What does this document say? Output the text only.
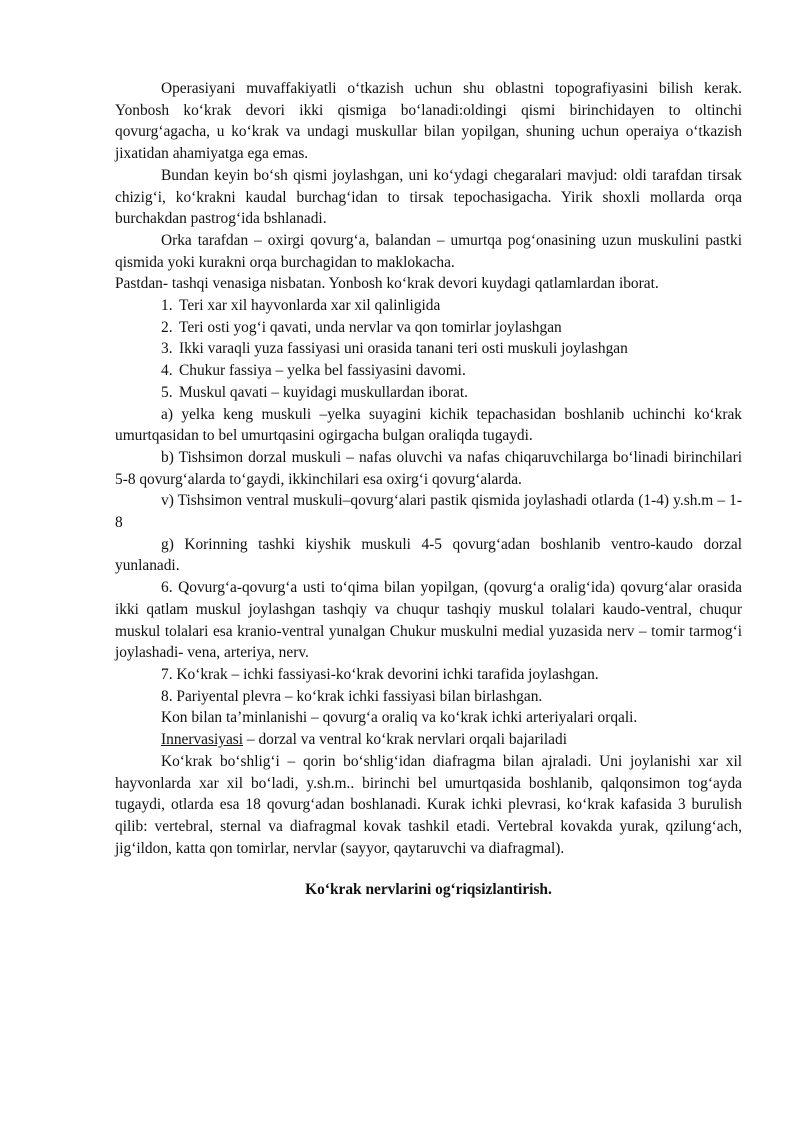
Operasiyani muvaffakiyatli o‘tkazish uchun shu oblastni topografiyasini bilish kerak. Yonbosh ko‘krak devori ikki qismiga bo‘lanadi:oldingi qismi birinchidayen to oltinchi qovurg‘agacha, u ko‘krak va undagi muskullar bilan yopilgan, shuning uchun operaiya o‘tkazish jixatidan ahamiyatga ega emas.

Bundan keyin bo‘sh qismi joylashgan, uni ko‘ydagi chegaralari mavjud: oldi tarafdan tirsak chizig‘i, ko‘krakni kaudal burchag‘idan to tirsak tepochasigacha. Yirik shoxli mollarda orqa burchakdan pastrog‘ida bshlanadi.

Orka tarafdan – oxirgi qovurg‘a, balandan – umurtqa pog‘onasining uzun muskulini pastki qismida yoki kurakni orqa burchagidan to maklokacha.

Pastdan- tashqi venasiga nisbatan. Yonbosh ko‘krak devori kuydagi qatlamlardan iborat.

1. Teri xar xil hayvonlarda xar xil qalinligida
2. Teri osti yog‘i qavati, unda nervlar va qon tomirlar joylashgan
3. Ikki varaqli yuza fassiyasi uni orasida tanani teri osti muskuli joylashgan
4. Chukur fassiya – yelka bel fassiyasini davomi.
5. Muskul qavati – kuyidagi muskullardan iborat.

a) yelka keng muskuli –yelka suyagini kichik tepachasidan boshlanib uchinchi ko‘krak umurtqasidan to bel umurtqasini ogirgacha bulgan oraliqda tugaydi.

b) Tishsimon dorzal muskuli – nafas oluvchi va nafas chiqaruvchilarga bo‘linadi birinchilari 5-8 qovurg‘alarda to‘gaydi, ikkinchilari esa oxirg‘i qovurg‘alarda.

v) Tishsimon ventral muskuli–qovurg‘alari pastik qismida joylashadi otlarda (1-4) y.sh.m – 1-8

g) Korinning tashki kiyshik muskuli 4-5 qovurg‘adan boshlanib ventro-kaudo dorzal yunlanadi.

6. Qovurg‘a-qovurg‘a usti to‘qima bilan yopilgan, (qovurg‘a oralig‘ida) qovurg‘alar orasida ikki qatlam muskul joylashgan tashqiy va chuqur tashqiy muskul tolalari kaudo-ventral, chuqur muskul tolalari esa kranio-ventral yunalgan Chukur muskulni medial yuzasida nerv – tomir tarmog‘i joylashadi- vena, arteriya, nerv.

7. Ko‘krak – ichki fassiyasi-ko‘krak devorini ichki tarafida joylashgan.

8. Pariyental plevra – ko‘krak ichki fassiyasi bilan birlashgan.

Kon bilan ta’minlanishi – qovurg‘a oraliq va ko‘krak ichki arteriyalari orqali.

Innervasiyasi – dorzal va ventral ko‘krak nervlari orqali bajariladi

Ko‘krak bo‘shlig‘i – qorin bo‘shlig‘idan diafragma bilan ajraladi. Uni joylanishi xar xil hayvonlarda xar xil bo‘ladi, y.sh.m.. birinchi bel umurtqasida boshlanib, qalqonsimon tog‘ayda tugaydi, otlarda esa 18 qovurg‘adan boshlanadi. Kurak ichki plevrasi, ko‘krak kafasida 3 burulish qilib: vertebral, sternal va diafragmal kovak tashkil etadi. Vertebral kovakda yurak, qzilung‘ach, jig‘ildon, katta qon tomirlar, nervlar (sayyor, qaytaruvchi va diafragmal).

Ko‘krak nervlarini og‘riqsizlantirish.
